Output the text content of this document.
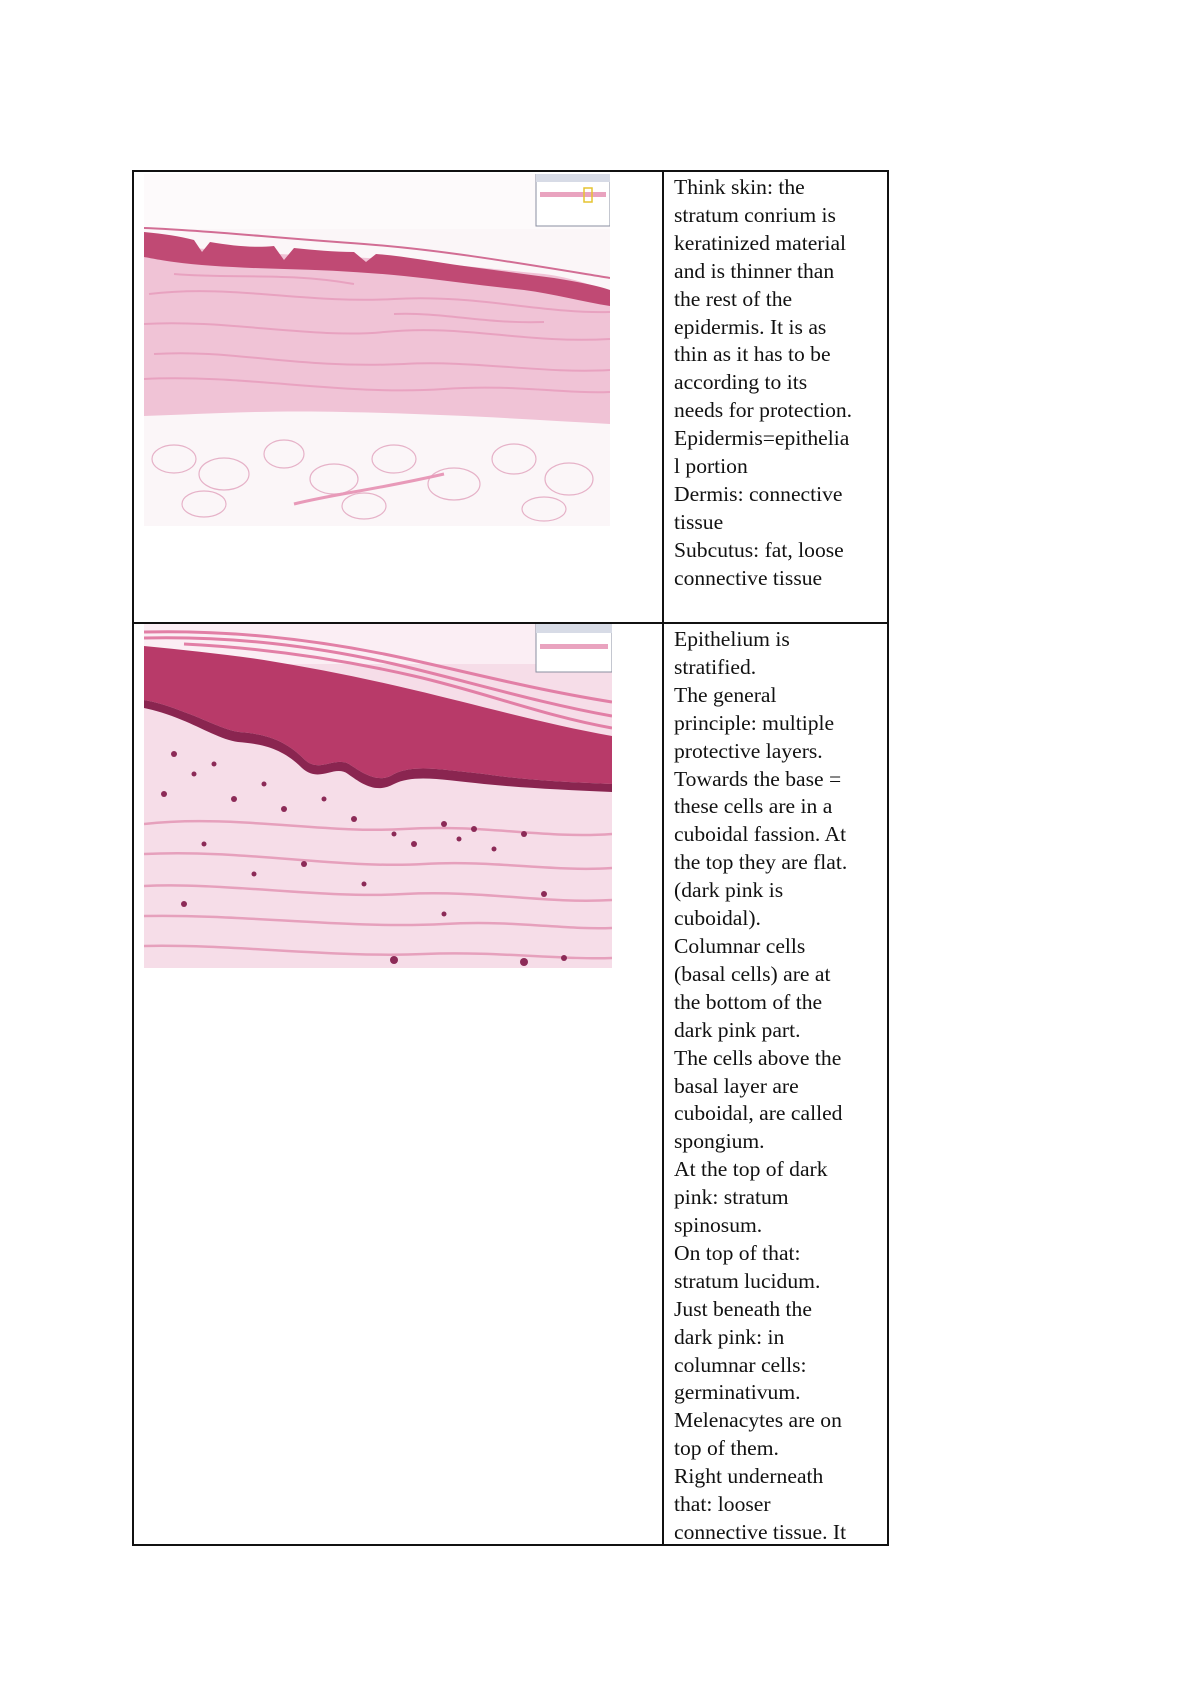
Think skin: the
stratum conrium is
keratinized material
and is thinner than
the rest of the
epidermis. It is as
thin as it has to be
according to its
needs for protection.
Epidermis=epithelia
l portion
Dermis: connective
tissue
Subcutus: fat, loose
connective tissue
Epithelium is
stratified.
The general
principle: multiple
protective layers.
Towards the base =
these cells are in a
cuboidal fassion. At
the top they are flat.
(dark pink is
cuboidal).
Columnar cells
(basal cells) are at
the bottom of the
dark pink part.
The cells above the
basal layer are
cuboidal, are called
spongium.
At the top of dark
pink: stratum
spinosum.
On top of that:
stratum lucidum.
Just beneath the
dark pink: in
columnar cells:
germinativum.
Melenacytes are on
top of them.
Right underneath
that: looser
connective tissue. It
